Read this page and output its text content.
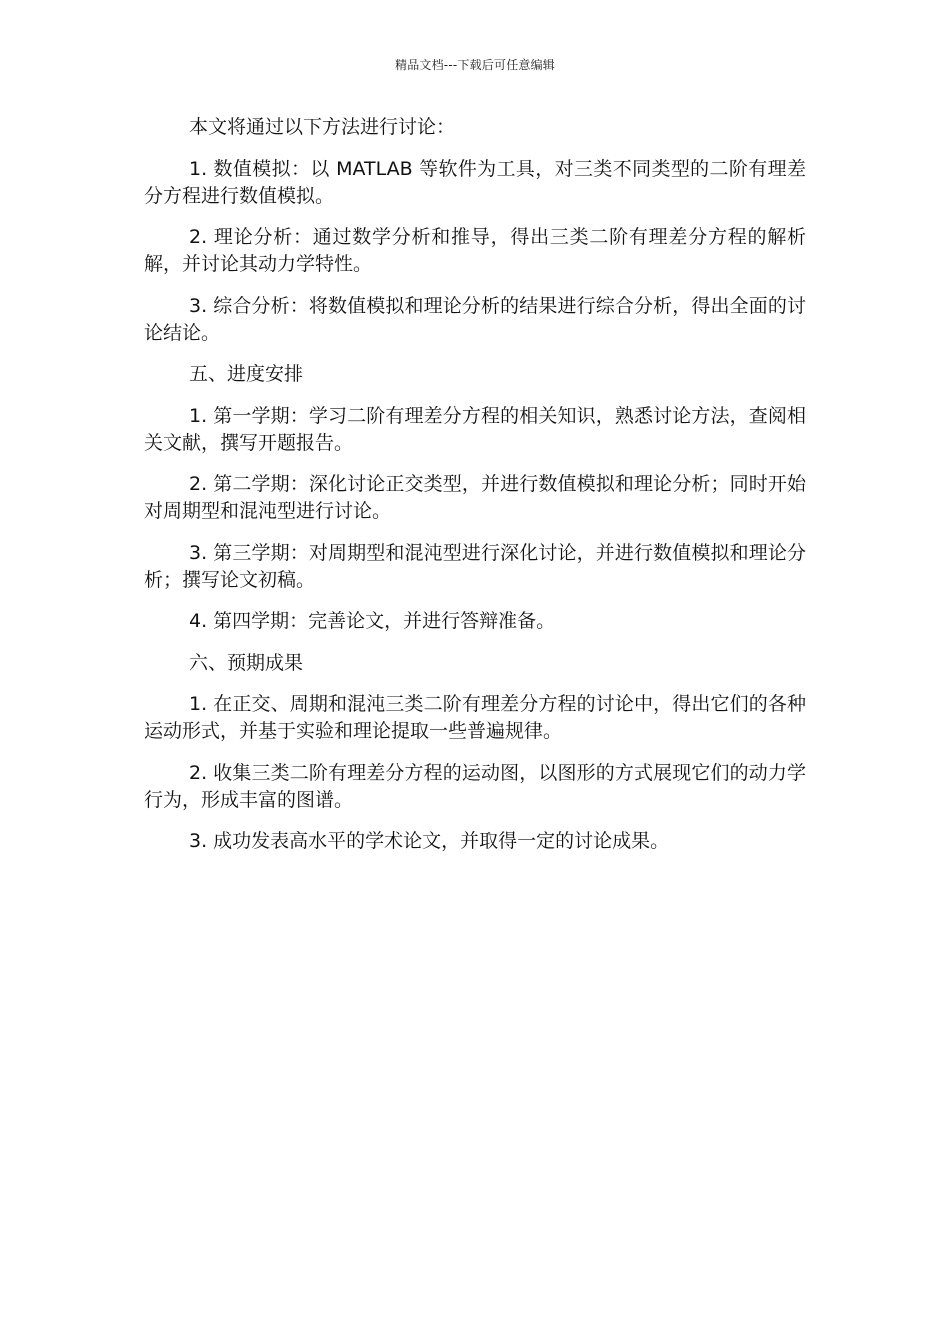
精品文档---下载后可任意编辑

本文将通过以下方法进行讨论：

1. 数值模拟：以 MATLAB 等软件为工具，对三类不同类型的二阶有理差分方程进行数值模拟。

2. 理论分析：通过数学分析和推导，得出三类二阶有理差分方程的解析解，并讨论其动力学特性。

3. 综合分析：将数值模拟和理论分析的结果进行综合分析，得出全面的讨论结论。

五、进度安排

1. 第一学期：学习二阶有理差分方程的相关知识，熟悉讨论方法，查阅相关文献，撰写开题报告。

2. 第二学期：深化讨论正交类型，并进行数值模拟和理论分析；同时开始对周期型和混沌型进行讨论。

3. 第三学期：对周期型和混沌型进行深化讨论，并进行数值模拟和理论分析；撰写论文初稿。

4. 第四学期：完善论文，并进行答辩准备。

六、预期成果

1. 在正交、周期和混沌三类二阶有理差分方程的讨论中，得出它们的各种运动形式，并基于实验和理论提取一些普遍规律。

2. 收集三类二阶有理差分方程的运动图，以图形的方式展现它们的动力学行为，形成丰富的图谱。

3. 成功发表高水平的学术论文，并取得一定的讨论成果。
